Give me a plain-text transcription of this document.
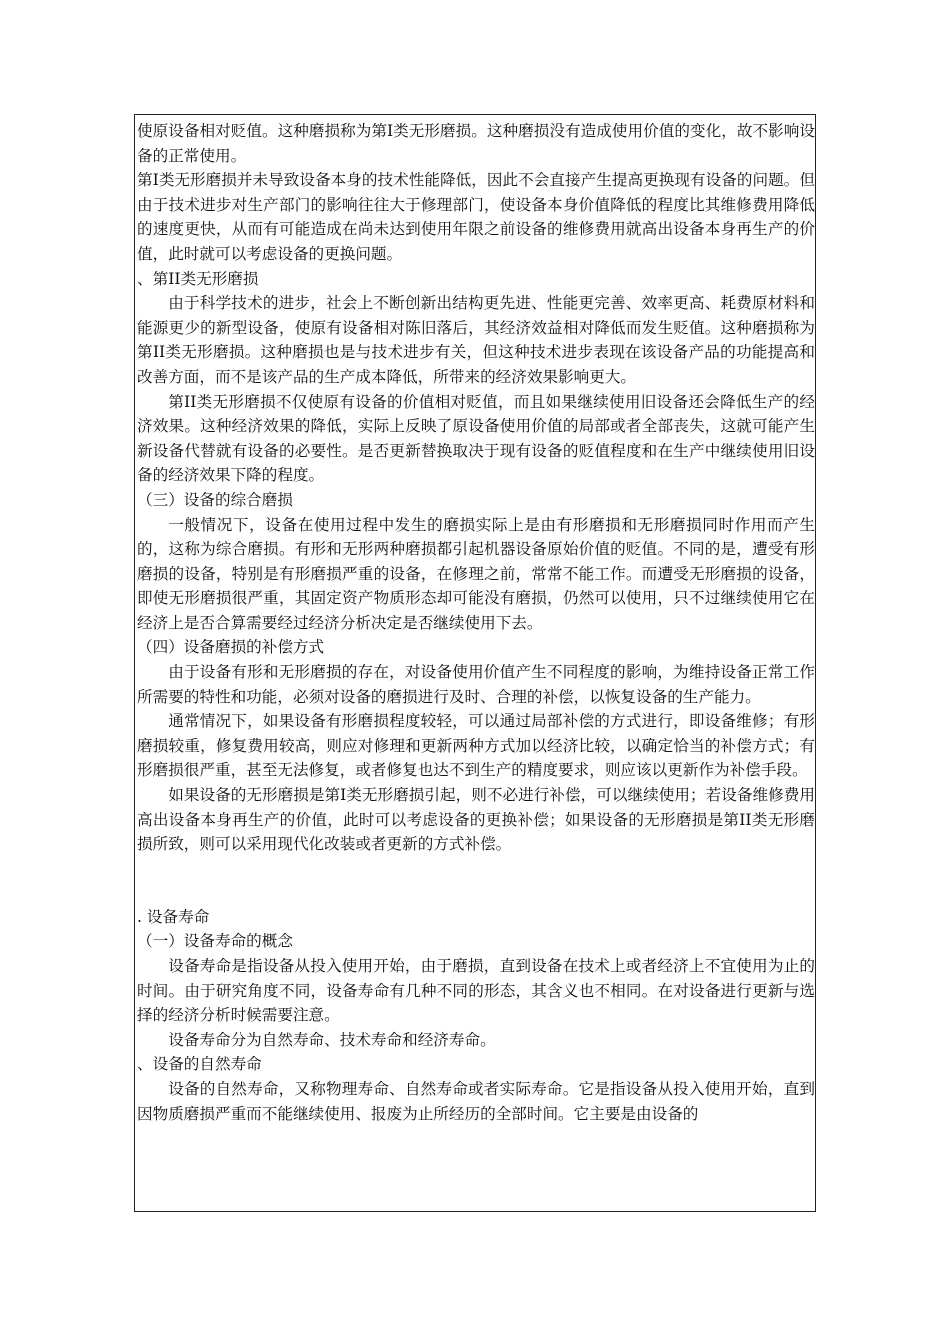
使原设备相对贬值。这种磨损称为第Ⅰ类无形磨损。这种磨损没有造成使用价值的变化，故不影响设备的正常使用。

第Ⅰ类无形磨损并未导致设备本身的技术性能降低，因此不会直接产生提高更换现有设备的问题。但由于技术进步对生产部门的影响往往大于修理部门，使设备本身价值降低的程度比其维修费用降低的速度更快，从而有可能造成在尚未达到使用年限之前设备的维修费用就高出设备本身再生产的价值，此时就可以考虑设备的更换问题。

、第II类无形磨损

由于科学技术的进步，社会上不断创新出结构更先进、性能更完善、效率更高、耗费原材料和能源更少的新型设备，使原有设备相对陈旧落后，其经济效益相对降低而发生贬值。这种磨损称为第II类无形磨损。这种磨损也是与技术进步有关，但这种技术进步表现在该设备产品的功能提高和改善方面，而不是该产品的生产成本降低，所带来的经济效果影响更大。

第II类无形磨损不仅使原有设备的价值相对贬值，而且如果继续使用旧设备还会降低生产的经济效果。这种经济效果的降低，实际上反映了原设备使用价值的局部或者全部丧失，这就可能产生新设备代替就有设备的必要性。是否更新替换取决于现有设备的贬值程度和在生产中继续使用旧设备的经济效果下降的程度。

（三）设备的综合磨损

一般情况下，设备在使用过程中发生的磨损实际上是由有形磨损和无形磨损同时作用而产生的，这称为综合磨损。有形和无形两种磨损都引起机器设备原始价值的贬值。不同的是，遭受有形磨损的设备，特别是有形磨损严重的设备，在修理之前，常常不能工作。而遭受无形磨损的设备，即使无形磨损很严重，其固定资产物质形态却可能没有磨损，仍然可以使用，只不过继续使用它在经济上是否合算需要经过经济分析决定是否继续使用下去。

（四）设备磨损的补偿方式

由于设备有形和无形磨损的存在，对设备使用价值产生不同程度的影响，为维持设备正常工作所需要的特性和功能，必须对设备的磨损进行及时、合理的补偿，以恢复设备的生产能力。

通常情况下，如果设备有形磨损程度较轻，可以通过局部补偿的方式进行，即设备维修；有形磨损较重，修复费用较高，则应对修理和更新两种方式加以经济比较，以确定恰当的补偿方式；有形磨损很严重，甚至无法修复，或者修复也达不到生产的精度要求，则应该以更新作为补偿手段。

如果设备的无形磨损是第Ⅰ类无形磨损引起，则不必进行补偿，可以继续使用；若设备维修费用高出设备本身再生产的价值，此时可以考虑设备的更换补偿；如果设备的无形磨损是第II类无形磨损所致，则可以采用现代化改装或者更新的方式补偿。

. 设备寿命

（一）设备寿命的概念

设备寿命是指设备从投入使用开始，由于磨损，直到设备在技术上或者经济上不宜使用为止的时间。由于研究角度不同，设备寿命有几种不同的形态，其含义也不相同。在对设备进行更新与选择的经济分析时候需要注意。

设备寿命分为自然寿命、技术寿命和经济寿命。

、设备的自然寿命

设备的自然寿命，又称物理寿命、自然寿命或者实际寿命。它是指设备从投入使用开始，直到因物质磨损严重而不能继续使用、报废为止所经历的全部时间。它主要是由设备的
